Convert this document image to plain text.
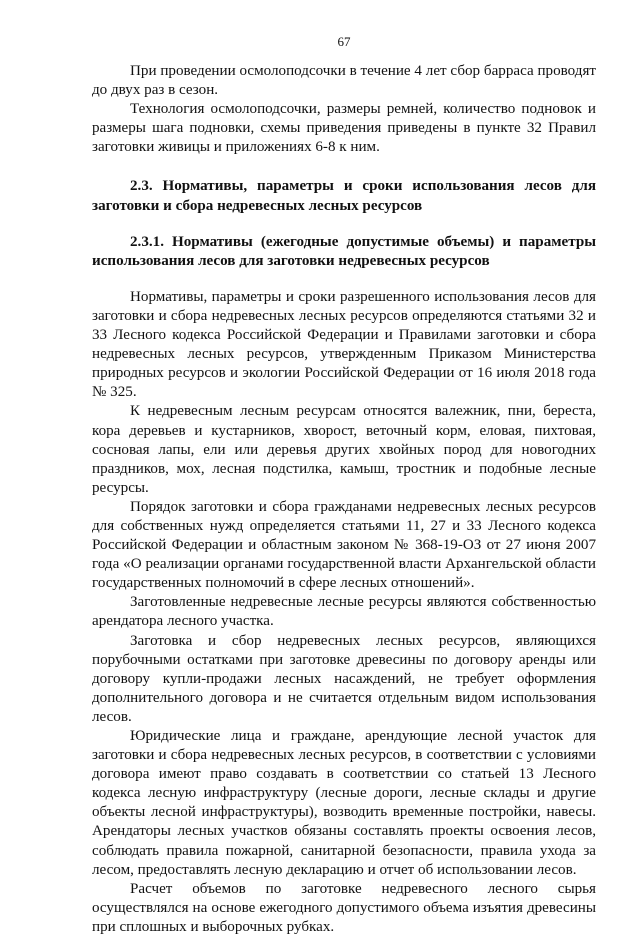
67

При проведении осмолоподсочки в течение 4 лет сбор барраса проводят до двух раз в сезон.

Технология осмолоподсочки, размеры ремней, количество подновок и размеры шага подновки, схемы приведения приведены в пункте 32 Правил заготовки живицы и приложениях 6-8 к ним.

2.3. Нормативы, параметры и сроки использования лесов для заготовки и сбора недревесных лесных ресурсов

2.3.1. Нормативы (ежегодные допустимые объемы) и параметры использования лесов для заготовки недревесных ресурсов

Нормативы, параметры и сроки разрешенного использования лесов для заготовки и сбора недревесных лесных ресурсов определяются статьями 32 и 33 Лесного кодекса Российской Федерации и Правилами заготовки и сбора недревесных лесных ресурсов, утвержденным Приказом Министерства природных ресурсов и экологии Российской Федерации от 16 июля 2018 года № 325.

К недревесным лесным ресурсам относятся валежник, пни, береста, кора деревьев и кустарников, хворост, веточный корм, еловая, пихтовая, сосновая лапы, ели или деревья других хвойных пород для новогодних праздников, мох, лесная подстилка, камыш, тростник и подобные лесные ресурсы.

Порядок заготовки и сбора гражданами недревесных лесных ресурсов для собственных нужд определяется статьями 11, 27 и 33 Лесного кодекса Российской Федерации и областным законом № 368-19-ОЗ от 27 июня 2007 года «О реализации органами государственной власти Архангельской области государственных полномочий в сфере лесных отношений».

Заготовленные недревесные лесные ресурсы являются собственностью арендатора лесного участка.

Заготовка и сбор недревесных лесных ресурсов, являющихся порубочными остатками при заготовке древесины по договору аренды или договору купли-продажи лесных насаждений, не требует оформления дополнительного договора и не считается отдельным видом использования лесов.

Юридические лица и граждане, арендующие лесной участок для заготовки и сбора недревесных лесных ресурсов, в соответствии с условиями договора имеют право создавать в соответствии со статьей 13 Лесного кодекса лесную инфраструктуру (лесные дороги, лесные склады и другие объекты лесной инфраструктуры), возводить временные постройки, навесы. Арендаторы лесных участков обязаны составлять проекты освоения лесов, соблюдать правила пожарной, санитарной безопасности, правила ухода за лесом, предоставлять лесную декларацию и отчет об использовании лесов.

Расчет объемов по заготовке недревесного лесного сырья осуществлялся на основе ежегодного допустимого объема изъятия древесины при сплошных и выборочных рубках.
